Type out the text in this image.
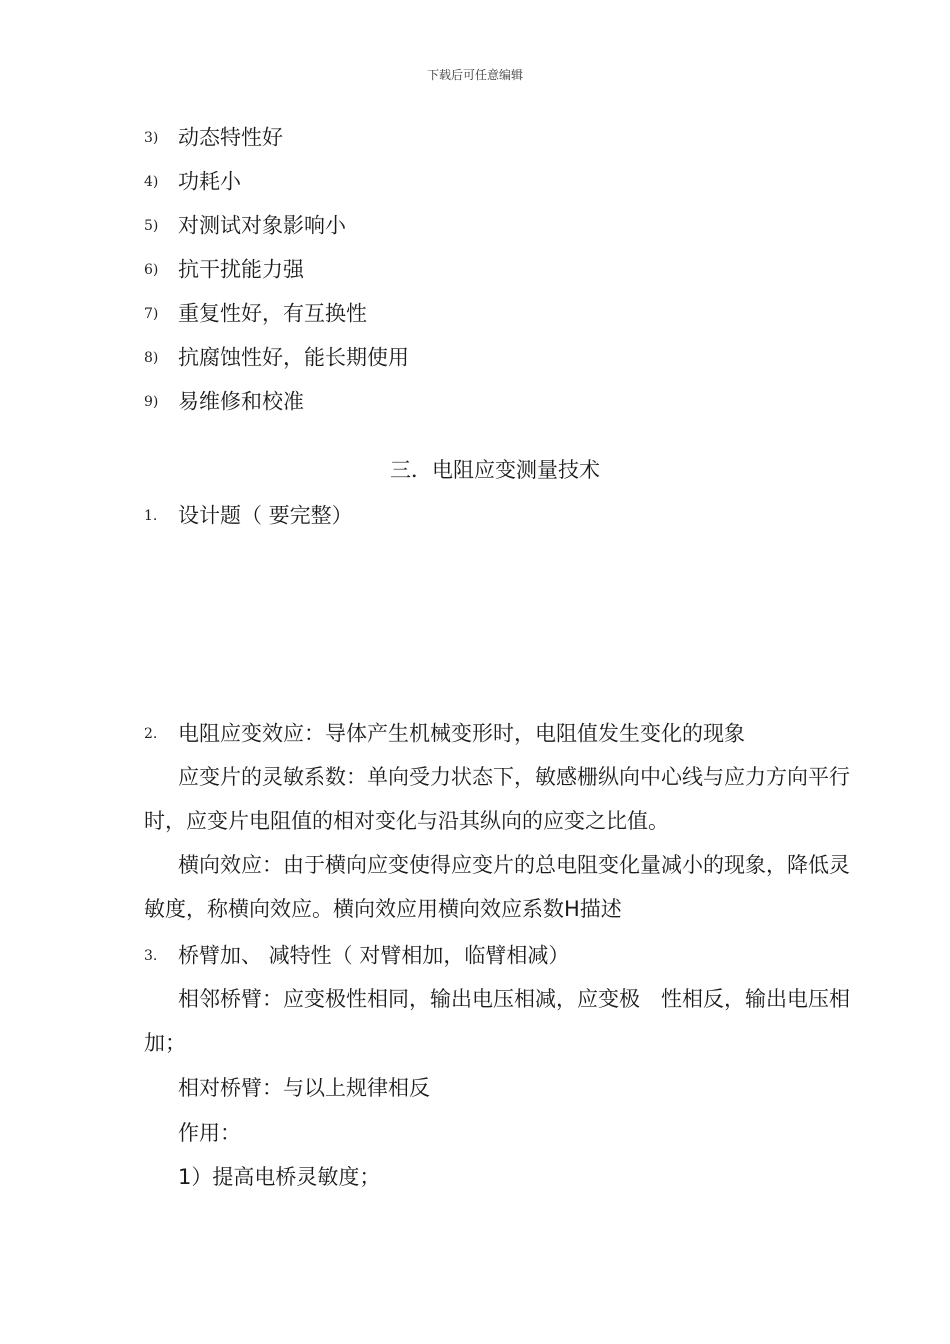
下载后可任意编辑
3) 动态特性好
4) 功耗小
5) 对测试对象影响小
6) 抗干扰能力强
7) 重复性好，有互换性
8) 抗腐蚀性好，能长期使用
9) 易维修和校准
三．电阻应变测量技术
1. 设计题（ 要完整）
2. 电阻应变效应：导体产生机械变形时，电阻值发生变化的现象
应变片的灵敏系数：单向受力状态下，敏感栅纵向中心线与应力方向平行时，应变片电阻值的相对变化与沿其纵向的应变之比值。
横向效应：由于横向应变使得应变片的总电阻变化量减小的现象，降低灵敏度，称横向效应。横向效应用横向效应系数H描述
3. 桥臂加、 减特性（ 对臂相加，临臂相减）
相邻桥臂：应变极性相同，输出电压相减，应变极　性相反，输出电压相加；
相对桥臂：与以上规律相反
作用：
1）提高电桥灵敏度；
